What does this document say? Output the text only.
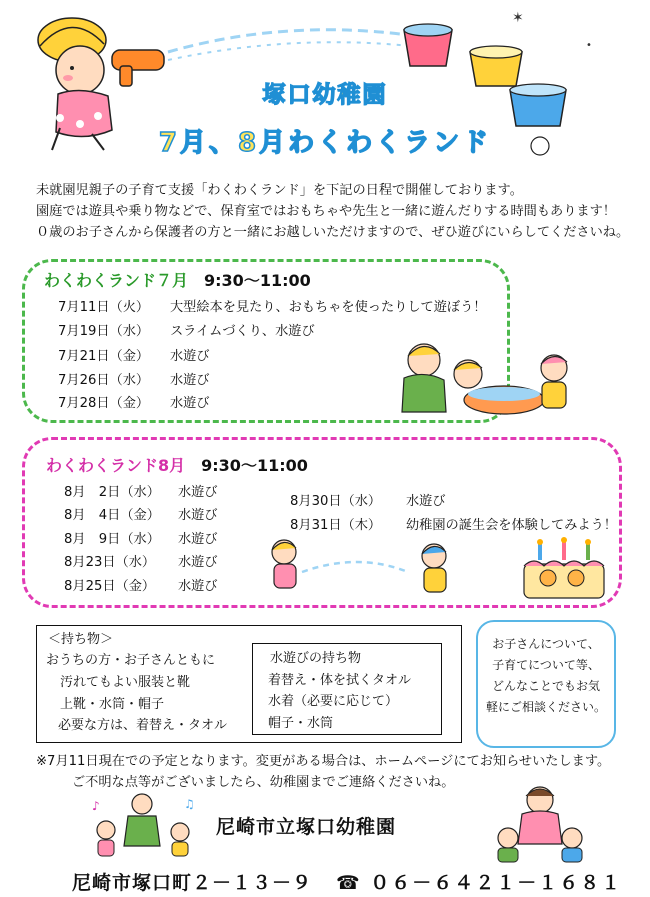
✶
•
塚口幼稚園
7月、8月わくわくランド
未就園児親子の子育て支援「わくわくランド」を下記の日程で開催しております。
園庭では遊具や乗り物などで、保育室ではおもちゃや先生と一緒に遊んだりする時間もあります！
０歳のお子さんから保護者の方と一緒にお越しいただけますので、ぜひ遊びにいらしてくださいね。
わくわくランド７月 9:30～11:00
7月11日（火） 大型絵本を見たり、おもちゃを使ったりして遊ぼう！
7月19日（水） スライムづくり、水遊び
7月21日（金） 水遊び
7月26日（水） 水遊び
7月28日（金） 水遊び
わくわくランド8月 9:30～11:00
8月　2日（水） 水遊び
8月　4日（金） 水遊び
8月　9日（水） 水遊び
8月23日（水） 水遊び
8月25日（金） 水遊び
8月30日（水） 水遊び
8月31日（木） 幼稚園の誕生会を体験してみよう！
＜持ち物＞
おうちの方・お子さんともに
汚れてもよい服装と靴
上靴・水筒・帽子
必要な方は、着替え・タオル
水遊びの持ち物
着替え・体を拭くタオル
水着（必要に応じて）
帽子・水筒
お子さんについて、
子育てについて等、
どんなことでもお気
軽にご相談ください。
※7月11日現在での予定となります。変更がある場合は、ホームページにてお知らせいたします。
ご不明な点等がございましたら、幼稚園までご連絡くださいね。
♪	♫
尼崎市立塚口幼稚園
尼崎市塚口町２－１３－９ ☎ ０６－６４２１－１６８１
